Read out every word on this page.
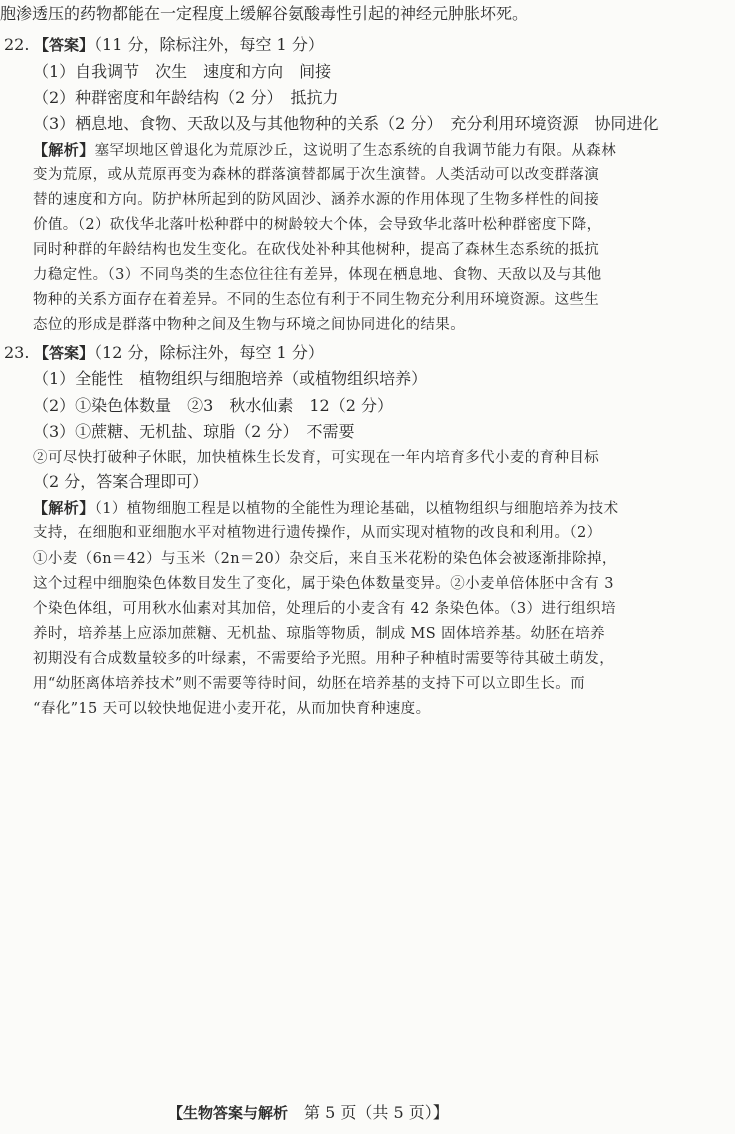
胞渗透压的药物都能在一定程度上缓解谷氨酸毒性引起的神经元肿胀坏死。
22. 【答案】（11 分，除标注外，每空 1 分）
（1）自我调节　次生　速度和方向　间接
（2）种群密度和年龄结构（2 分）　抵抗力
（3）栖息地、食物、天敌以及与其他物种的关系（2 分）　充分利用环境资源　协同进化
【解析】塞罕坝地区曾退化为荒原沙丘，这说明了生态系统的自我调节能力有限。从森林
变为荒原，或从荒原再变为森林的群落演替都属于次生演替。人类活动可以改变群落演
替的速度和方向。防护林所起到的防风固沙、涵养水源的作用体现了生物多样性的间接
价值。（2）砍伐华北落叶松种群中的树龄较大个体，会导致华北落叶松种群密度下降，
同时种群的年龄结构也发生变化。在砍伐处补种其他树种，提高了森林生态系统的抵抗
力稳定性。（3）不同鸟类的生态位往往有差异，体现在栖息地、食物、天敌以及与其他
物种的关系方面存在着差异。不同的生态位有利于不同生物充分利用环境资源。这些生
态位的形成是群落中物种之间及生物与环境之间协同进化的结果。
23. 【答案】（12 分，除标注外，每空 1 分）
（1）全能性　植物组织与细胞培养（或植物组织培养）
（2）①染色体数量　②3　秋水仙素　12（2 分）
（3）①蔗糖、无机盐、琼脂（2 分）　不需要
②可尽快打破种子休眠，加快植株生长发育，可实现在一年内培育多代小麦的育种目标
（2 分，答案合理即可）
【解析】（1）植物细胞工程是以植物的全能性为理论基础，以植物组织与细胞培养为技术
支持，在细胞和亚细胞水平对植物进行遗传操作，从而实现对植物的改良和利用。（2）
①小麦（6n＝42）与玉米（2n＝20）杂交后，来自玉米花粉的染色体会被逐渐排除掉，
这个过程中细胞染色体数目发生了变化，属于染色体数量变异。②小麦单倍体胚中含有 3
个染色体组，可用秋水仙素对其加倍，处理后的小麦含有 42 条染色体。（3）进行组织培
养时，培养基上应添加蔗糖、无机盐、琼脂等物质，制成 MS 固体培养基。幼胚在培养
初期没有合成数量较多的叶绿素，不需要给予光照。用种子种植时需要等待其破土萌发，
用“幼胚离体培养技术”则不需要等待时间，幼胚在培养基的支持下可以立即生长。而
“春化”15 天可以较快地促进小麦开花，从而加快育种速度。
【生物答案与解析 第 5 页（共 5 页）】
